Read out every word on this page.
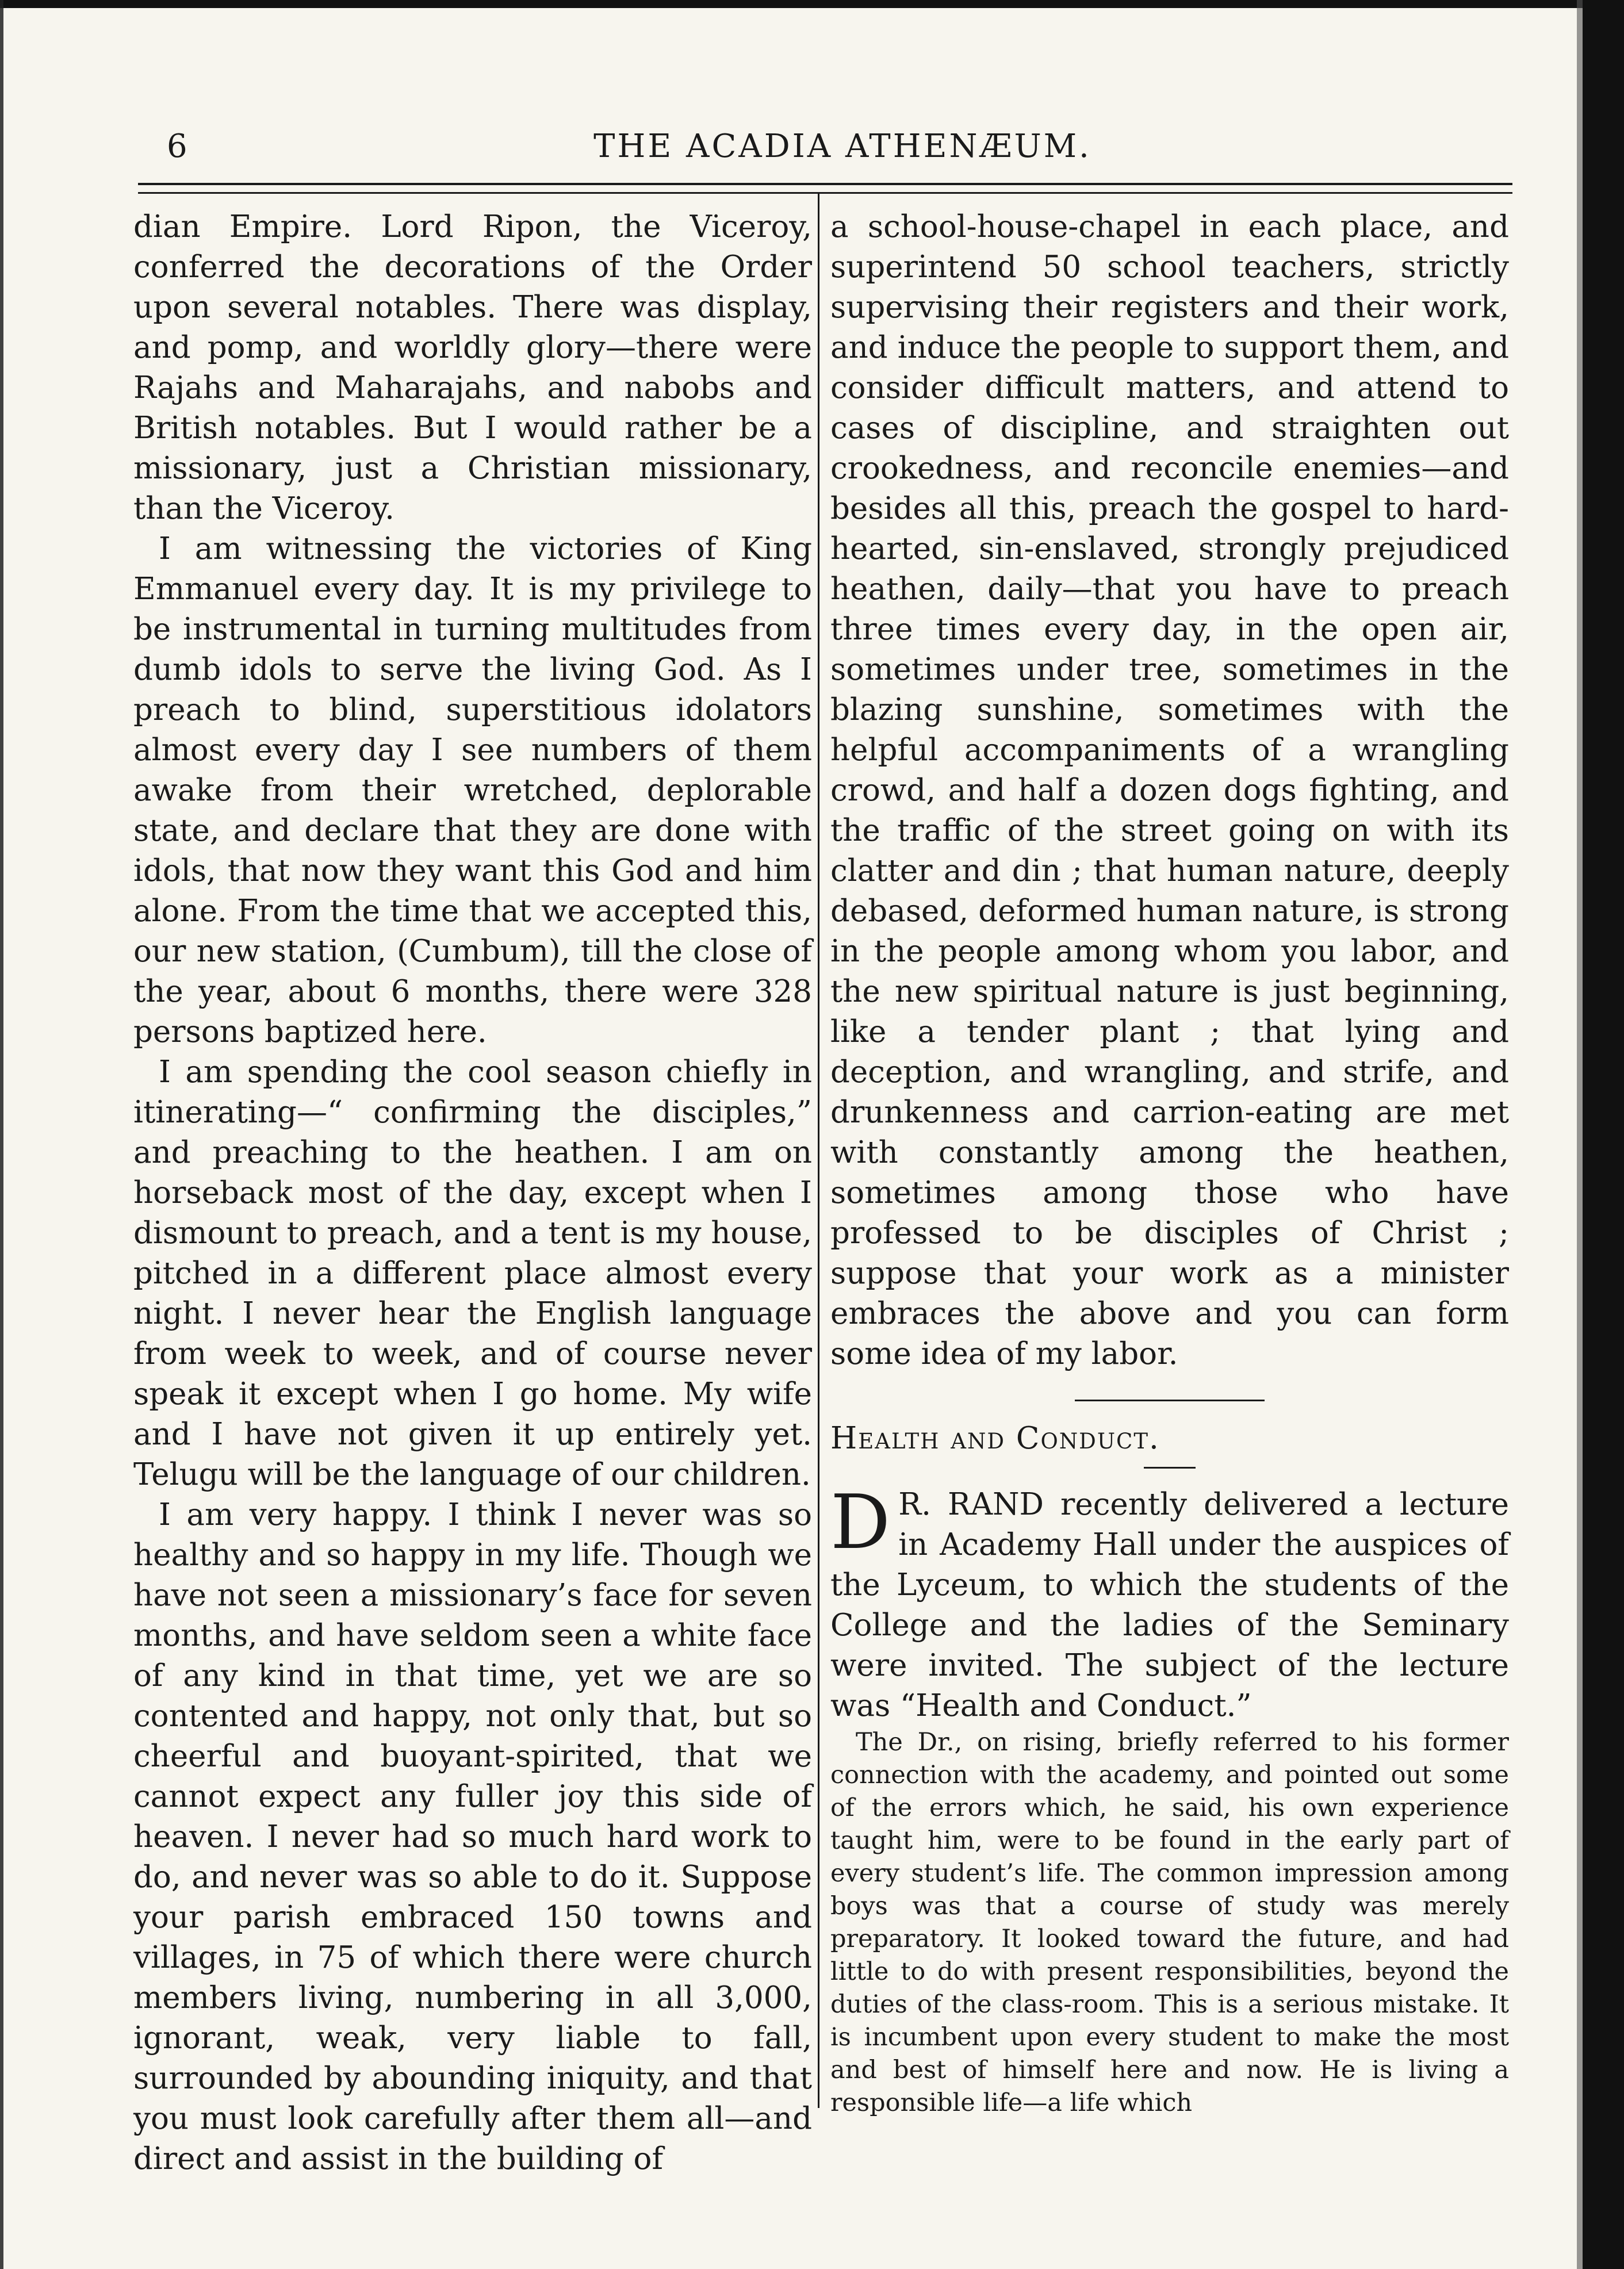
6	THE ACADIA ATHENÆUM.

dian Empire. Lord Ripon, the Viceroy, conferred the decorations of the Order upon several notables. There was display, and pomp, and worldly glory—there were Rajahs and Maharajahs, and nabobs and British notables. But I would rather be a missionary, just a Christian missionary, than the Viceroy.

I am witnessing the victories of King Emmanuel every day. It is my privilege to be instrumental in turning multitudes from dumb idols to serve the living God. As I preach to blind, superstitious idolators almost every day I see numbers of them awake from their wretched, deplorable state, and declare that they are done with idols, that now they want this God and him alone. From the time that we accepted this, our new station, (Cumbum), till the close of the year, about 6 months, there were 328 persons baptized here.

I am spending the cool season chiefly in itinerating—“ confirming the disciples,” and preaching to the heathen. I am on horseback most of the day, except when I dismount to preach, and a tent is my house, pitched in a different place almost every night. I never hear the English language from week to week, and of course never speak it except when I go home. My wife and I have not given it up entirely yet. Telugu will be the language of our children.

I am very happy. I think I never was so healthy and so happy in my life. Though we have not seen a missionary’s face for seven months, and have seldom seen a white face of any kind in that time, yet we are so contented and happy, not only that, but so cheerful and buoyant-spirited, that we cannot expect any fuller joy this side of heaven. I never had so much hard work to do, and never was so able to do it. Suppose your parish embraced 150 towns and villages, in 75 of which there were church members living, numbering in all 3,000, ignorant, weak, very liable to fall, surrounded by abounding iniquity, and that you must look carefully after them all—and direct and assist in the building of

a school-house-chapel in each place, and superintend 50 school teachers, strictly supervising their registers and their work, and induce the people to support them, and consider difficult matters, and attend to cases of discipline, and straighten out crookedness, and reconcile enemies—and besides all this, preach the gospel to hard-hearted, sin-enslaved, strongly prejudiced heathen, daily—that you have to preach three times every day, in the open air, sometimes under tree, sometimes in the blazing sunshine, sometimes with the helpful accompaniments of a wrangling crowd, and half a dozen dogs fighting, and the traffic of the street going on with its clatter and din ; that human nature, deeply debased, deformed human nature, is strong in the people among whom you labor, and the new spiritual nature is just beginning, like a tender plant ; that lying and deception, and wrangling, and strife, and drunkenness and carrion-eating are met with constantly among the heathen, sometimes among those who have professed to be disciples of Christ ; suppose that your work as a minister embraces the above and you can form some idea of my labor.

Health and Conduct.

D R. RAND recently delivered a lecture in Academy Hall under the auspices of the Lyceum, to which the students of the College and the ladies of the Seminary were invited. The subject of the lecture was “Health and Conduct.”

The Dr., on rising, briefly referred to his former connection with the academy, and pointed out some of the errors which, he said, his own experience taught him, were to be found in the early part of every student’s life. The common impression among boys was that a course of study was merely preparatory. It looked toward the future, and had little to do with present responsibilities, beyond the duties of the class-room. This is a serious mistake. It is incumbent upon every student to make the most and best of himself here and now. He is living a responsible life—a life which
